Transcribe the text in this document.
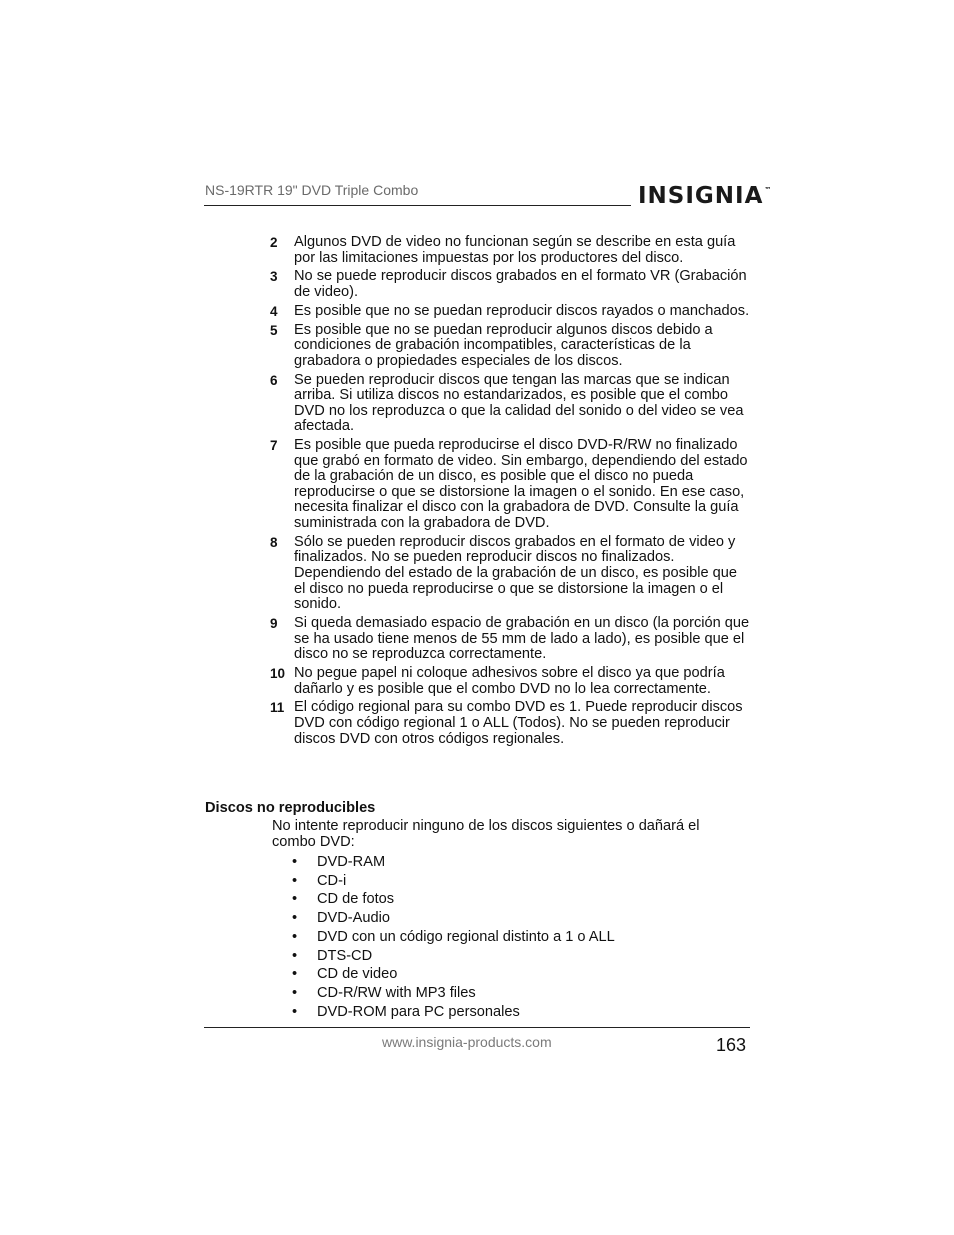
NS-19RTR 19" DVD Triple Combo	INSIGNIA™
2	Algunos DVD de video no funcionan según se describe en esta guía por las limitaciones impuestas por los productores del disco.
3	No se puede reproducir discos grabados en el formato VR (Grabación de video).
4	Es posible que no se puedan reproducir discos rayados o manchados.
5	Es posible que no se puedan reproducir algunos discos debido a condiciones de grabación incompatibles, características de la grabadora o propiedades especiales de los discos.
6	Se pueden reproducir discos que tengan las marcas que se indican arriba. Si utiliza discos no estandarizados, es posible que el combo DVD no los reproduzca o que la calidad del sonido o del video se vea afectada.
7	Es posible que pueda reproducirse el disco DVD-R/RW no finalizado que grabó en formato de video. Sin embargo, dependiendo del estado de la grabación de un disco, es posible que el disco no pueda reproducirse o que se distorsione la imagen o el sonido. En ese caso, necesita finalizar el disco con la grabadora de DVD. Consulte la guía suministrada con la grabadora de DVD.
8	Sólo se pueden reproducir discos grabados en el formato de video y finalizados. No se pueden reproducir discos no finalizados. Dependiendo del estado de la grabación de un disco, es posible que el disco no pueda reproducirse o que se distorsione la imagen o el sonido.
9	Si queda demasiado espacio de grabación en un disco (la porción que se ha usado tiene menos de 55 mm de lado a lado), es posible que el disco no se reproduzca correctamente.
10 No pegue papel ni coloque adhesivos sobre el disco ya que podría dañarlo y es posible que el combo DVD no lo lea correctamente.
11 El código regional para su combo DVD es 1. Puede reproducir discos DVD con código regional 1 o ALL (Todos). No se pueden reproducir discos DVD con otros códigos regionales.
Discos no reproducibles
No intente reproducir ninguno de los discos siguientes o dañará el combo DVD:
•	DVD-RAM
•	CD-i
•	CD de fotos
•	DVD-Audio
•	DVD con un código regional distinto a 1 o ALL
•	DTS-CD
•	CD de video
•	CD-R/RW with MP3 files
•	DVD-ROM para PC personales
www.insignia-products.com	163
